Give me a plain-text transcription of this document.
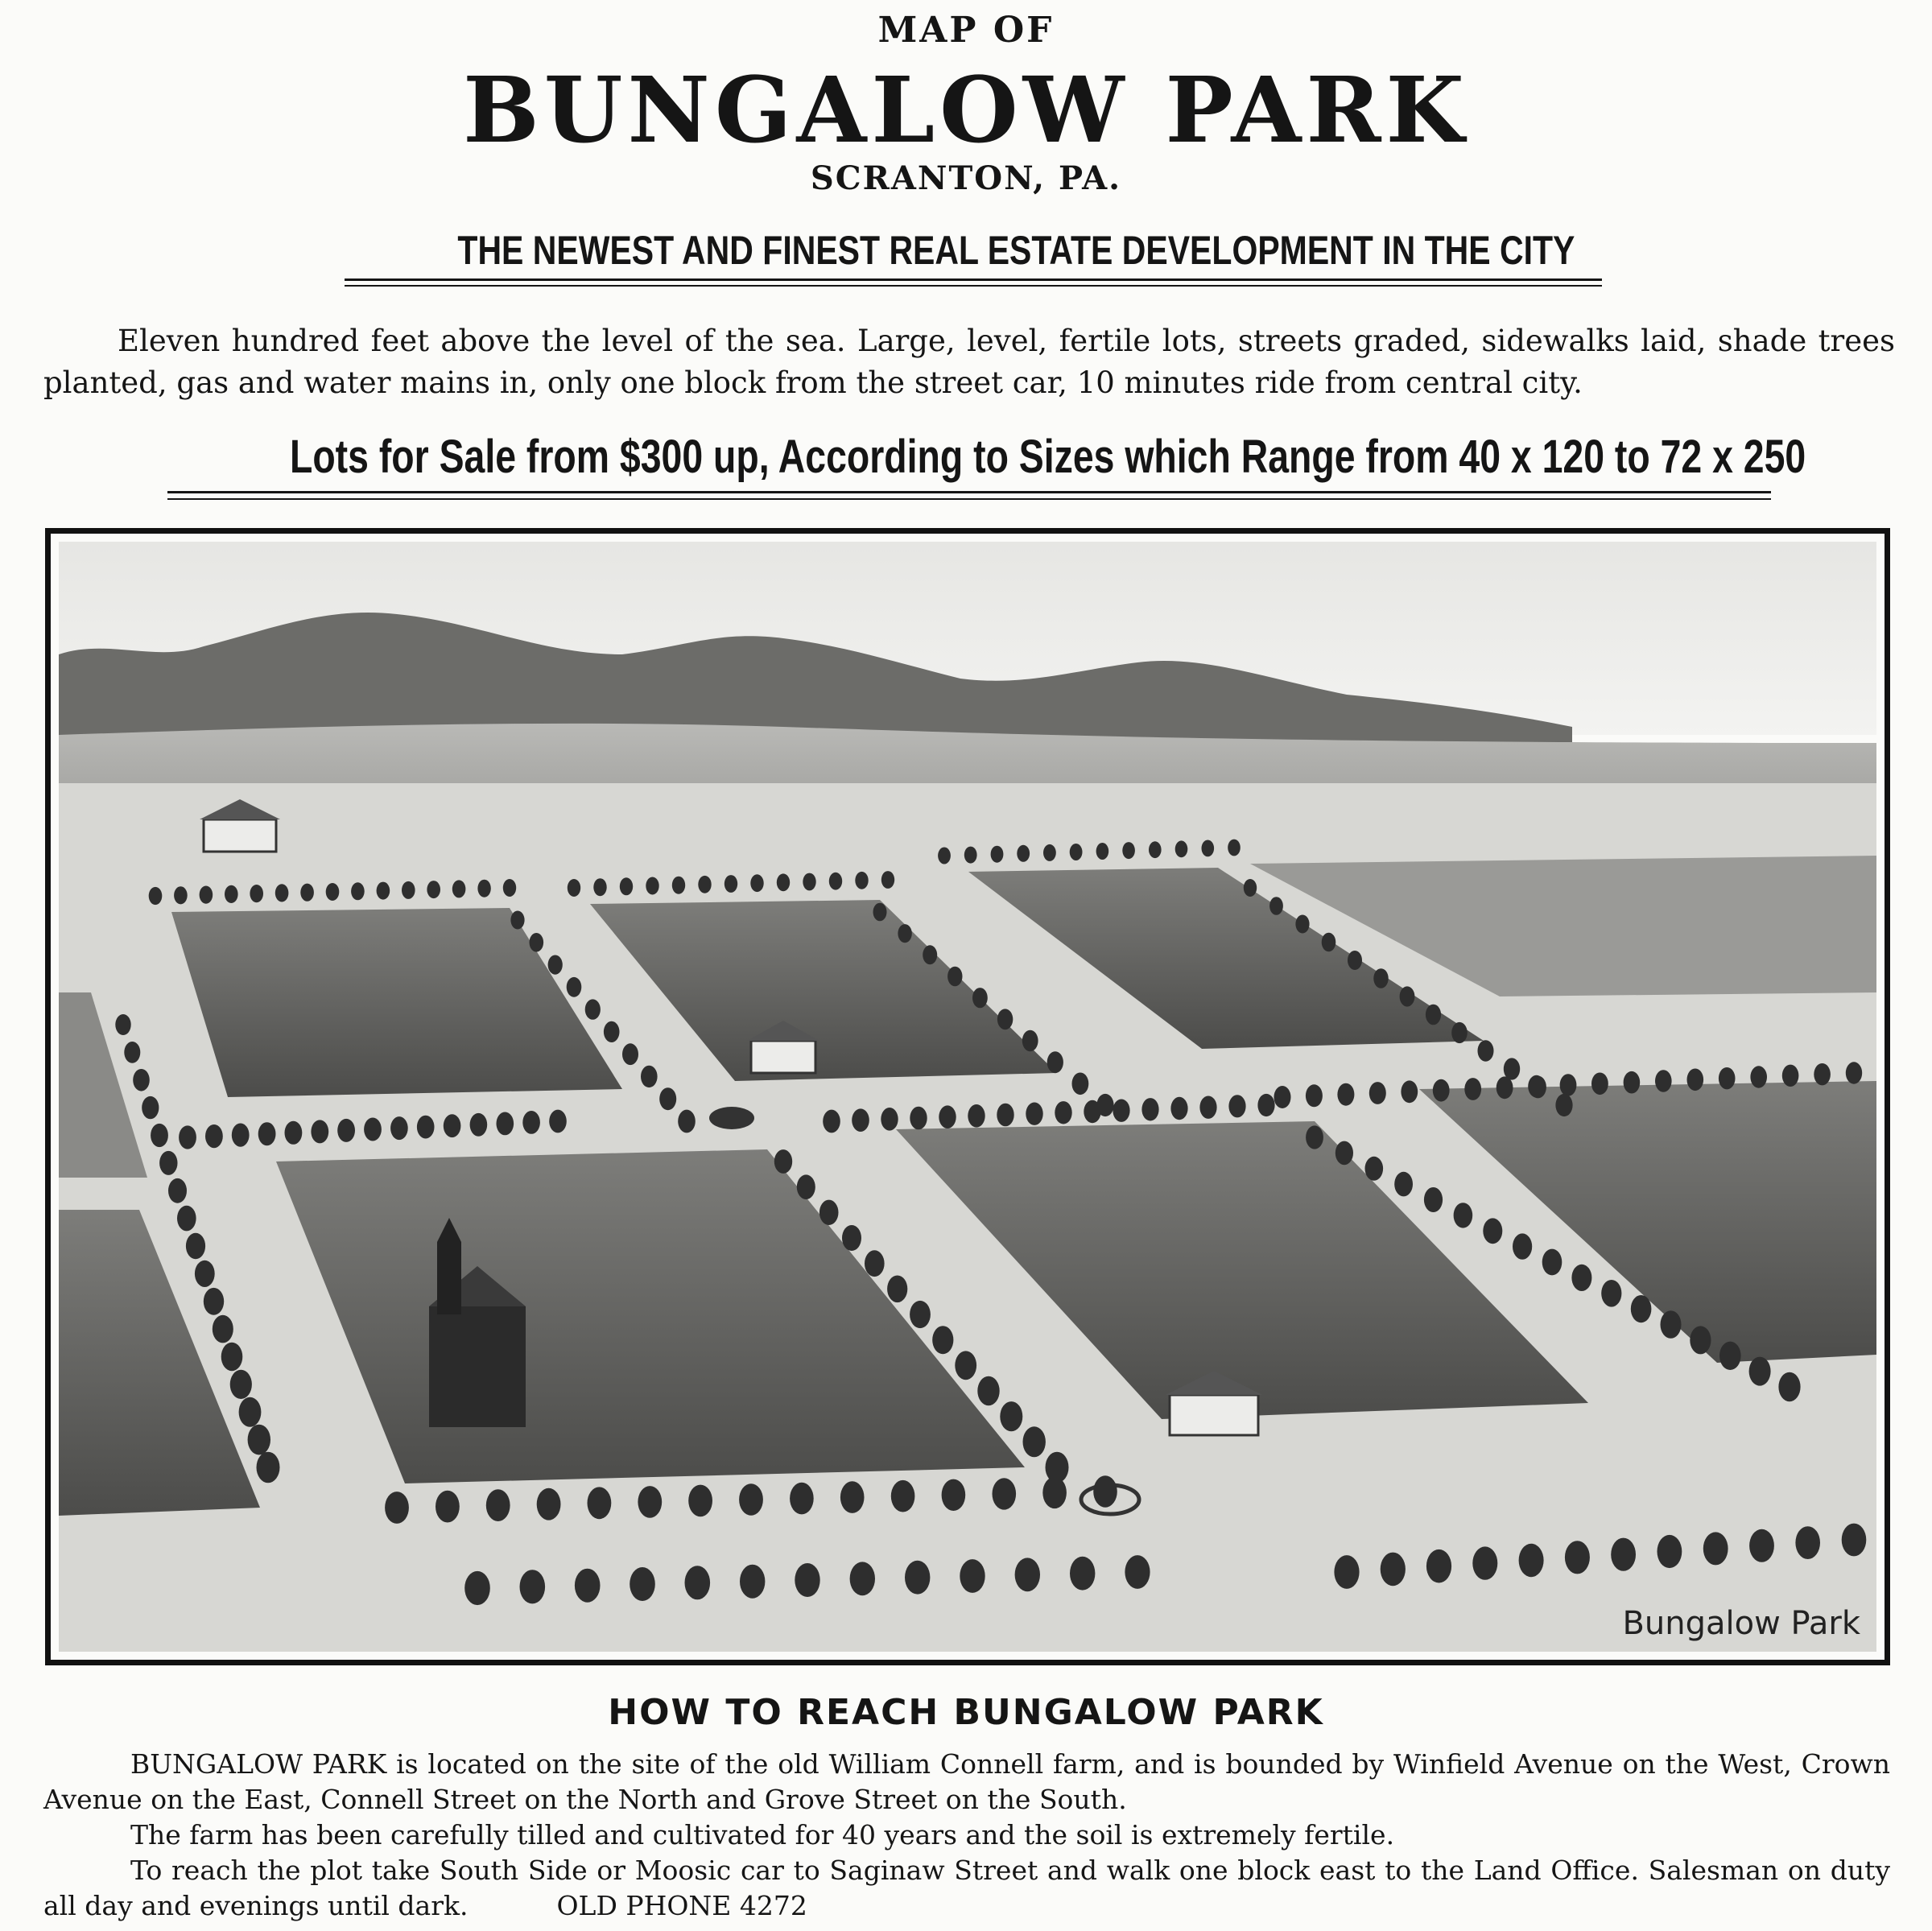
MAP OF
BUNGALOW PARK
SCRANTON, PA.
THE NEWEST AND FINEST REAL ESTATE DEVELOPMENT IN THE CITY
Eleven hundred feet above the level of the sea. Large, level, fertile lots, streets graded, sidewalks laid, shade trees planted, gas and water mains in, only one block from the street car, 10 minutes ride from central city.
Lots for Sale from $300 up, According to Sizes which Range from 40 x 120 to 72 x 250
Bungalow Park
HOW TO REACH BUNGALOW PARK

BUNGALOW PARK is located on the site of the old William Connell farm, and is bounded by Winfield Avenue on the West, Crown Avenue on the East, Connell Street on the North and Grove Street on the South.

The farm has been carefully tilled and cultivated for 40 years and the soil is extremely fertile.

To reach the plot take South Side or Moosic car to Saginaw Street and walk one block east to the Land Office. Salesman on duty all day and evenings until dark.	OLD PHONE 4272
